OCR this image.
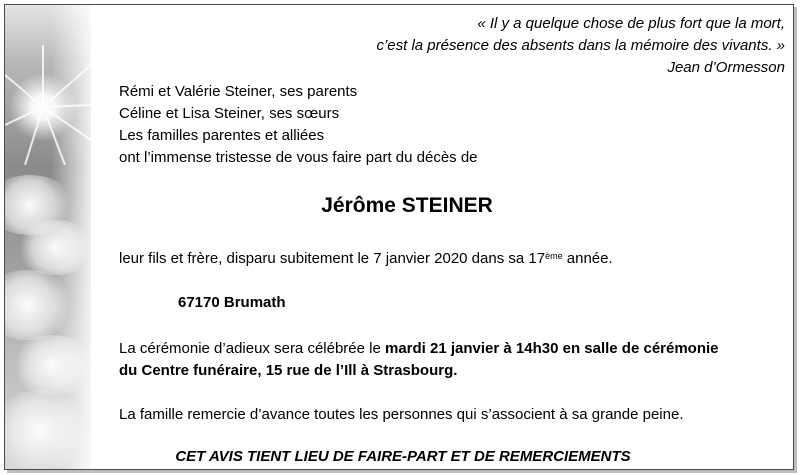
« Il y a quelque chose de plus fort que la mort,
c’est la présence des absents dans la mémoire des vivants. »
Jean d’Ormesson
Rémi et Valérie Steiner, ses parents
Céline et Lisa Steiner, ses sœurs
Les familles parentes et alliées
ont l’immense tristesse de vous faire part du décès de
Jérôme STEINER
leur fils et frère, disparu subitement le 7 janvier 2020 dans sa 17ème année.
67170 Brumath
La cérémonie d’adieux sera célébrée le mardi 21 janvier à 14h30 en salle de cérémonie
du Centre funéraire, 15 rue de l’Ill à Strasbourg.
La famille remercie d’avance toutes les personnes qui s’associent à sa grande peine.
CET AVIS TIENT LIEU DE FAIRE-PART ET DE REMERCIEMENTS
